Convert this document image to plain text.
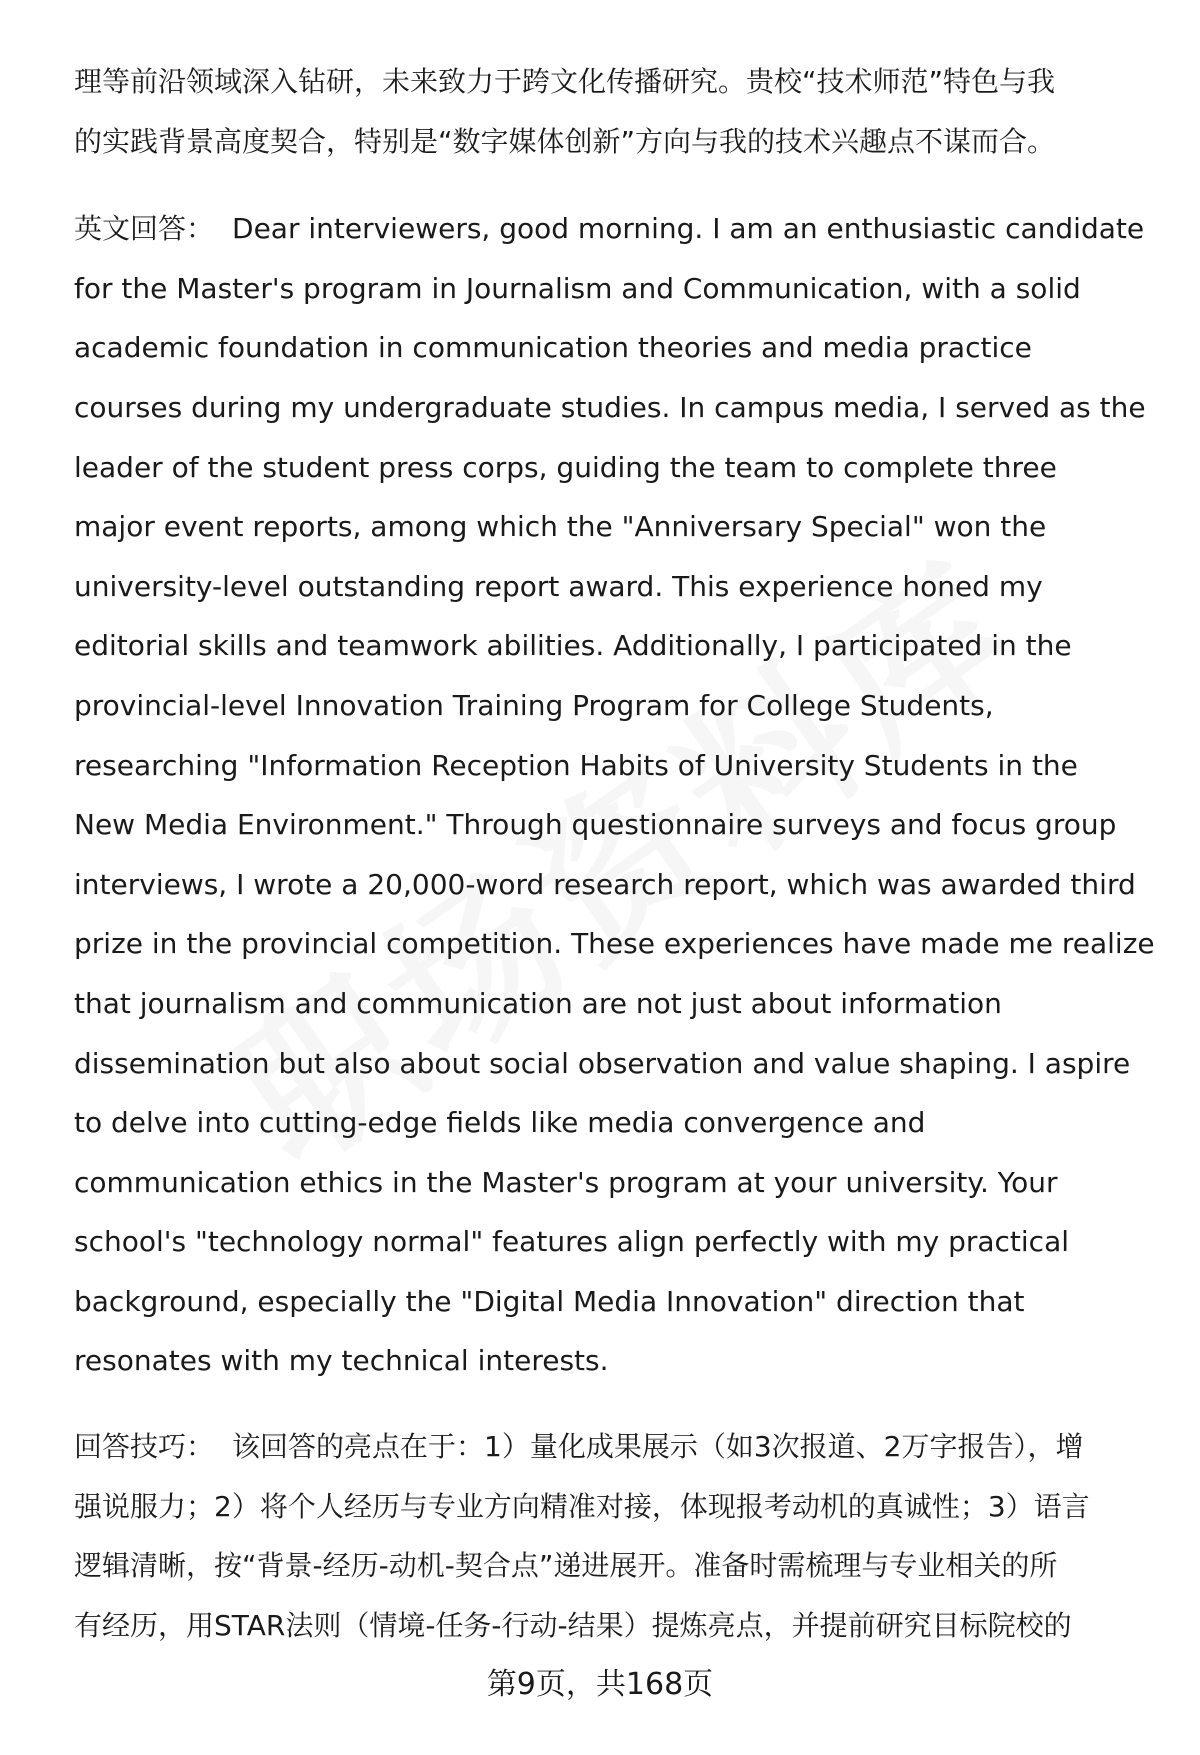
理等前沿领域深入钻研，未来致力于跨文化传播研究。贵校“技术师范”特色与我
的实践背景高度契合，特别是“数字媒体创新”方向与我的技术兴趣点不谋而合。
英文回答： Dear interviewers, good morning. I am an enthusiastic candidate
for the Master's program in Journalism and Communication, with a solid
academic foundation in communication theories and media practice
courses during my undergraduate studies. In campus media, I served as the
leader of the student press corps, guiding the team to complete three
major event reports, among which the "Anniversary Special" won the
university-level outstanding report award. This experience honed my
editorial skills and teamwork abilities. Additionally, I participated in the
provincial-level Innovation Training Program for College Students,
researching "Information Reception Habits of University Students in the
New Media Environment." Through questionnaire surveys and focus group
interviews, I wrote a 20,000-word research report, which was awarded third
prize in the provincial competition. These experiences have made me realize
that journalism and communication are not just about information
dissemination but also about social observation and value shaping. I aspire
to delve into cutting-edge fields like media convergence and
communication ethics in the Master's program at your university. Your
school's "technology normal" features align perfectly with my practical
background, especially the "Digital Media Innovation" direction that
resonates with my technical interests.
回答技巧： 该回答的亮点在于：1）量化成果展示（如3次报道、2万字报告），增
强说服力；2）将个人经历与专业方向精准对接，体现报考动机的真诚性；3）语言
逻辑清晰，按“背景-经历-动机-契合点”递进展开。准备时需梳理与专业相关的所
有经历，用STAR法则（情境-任务-行动-结果）提炼亮点，并提前研究目标院校的
第9页，共168页
